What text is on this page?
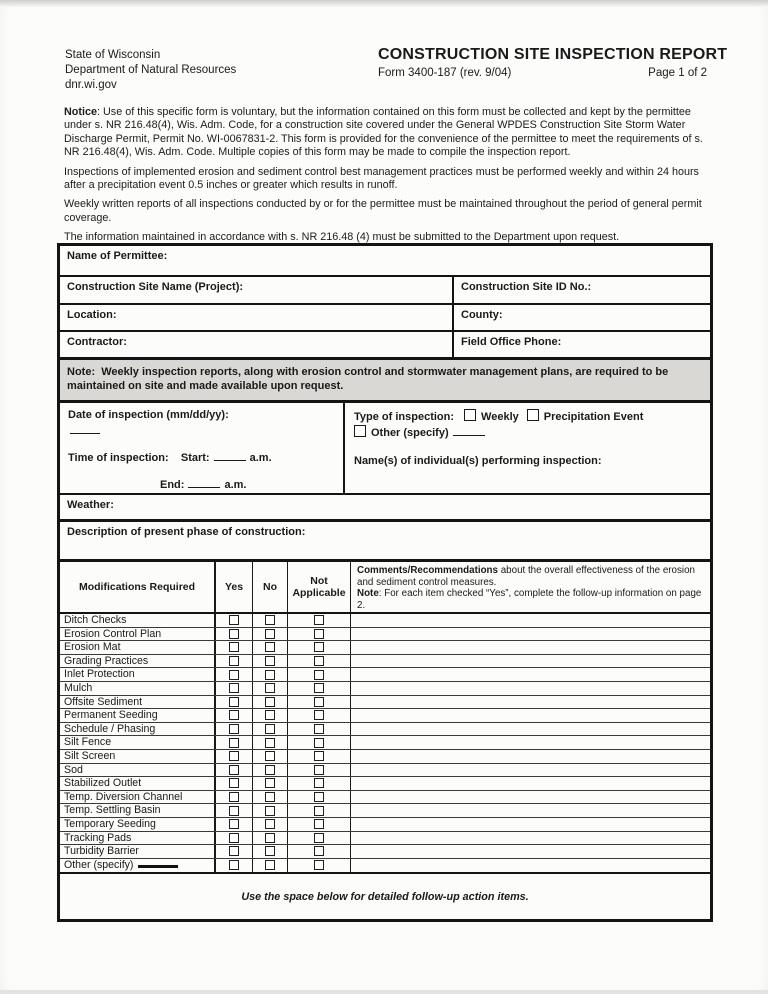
State of Wisconsin
Department of Natural Resources
dnr.wi.gov
CONSTRUCTION SITE INSPECTION REPORT
Form 3400-187 (rev. 9/04)	Page 1 of 2

Notice: Use of this specific form is voluntary, but the information contained on this form must be collected and kept by the permittee under s. NR 216.48(4), Wis. Adm. Code, for a construction site covered under the General WPDES Construction Site Storm Water Discharge Permit, Permit No. WI-0067831-2. This form is provided for the convenience of the permittee to meet the requirements of s. NR 216.48(4), Wis. Adm. Code. Multiple copies of this form may be made to compile the inspection report.

Inspections of implemented erosion and sediment control best management practices must be performed weekly and within 24 hours after a precipitation event 0.5 inches or greater which results in runoff.

Weekly written reports of all inspections conducted by or for the permittee must be maintained throughout the period of general permit coverage.

The information maintained in accordance with s. NR 216.48 (4) must be submitted to the Department upon request.

Name of Permittee:
Construction Site Name (Project):	Construction Site ID No.:
Location:	County:
Contractor:	Field Office Phone:
Note:  Weekly inspection reports, along with erosion control and stormwater management plans, are required to be maintained on site and made available upon request.
Date of inspection (mm/dd/yy):
Time of inspection: Start:	a.m.
End:	a.m.
Type of inspection: Weekly Precipitation Event
Other (specify)
Name(s) of individual(s) performing inspection:
Weather:
Description of present phase of construction:
Modifications Required	Yes	No	Not Applicable
Comments/Recommendations about the overall effectiveness of the erosion and sediment control measures.
Note: For each item checked “Yes”, complete the follow-up information on page 2.
Ditch Checks
Erosion Control Plan
Erosion Mat
Grading Practices
Inlet Protection
Mulch
Offsite Sediment
Permanent Seeding
Schedule / Phasing
Silt Fence
Silt Screen
Sod
Stabilized Outlet
Temp. Diversion Channel
Temp. Settling Basin
Temporary Seeding
Tracking Pads
Turbidity Barrier
Other (specify)
Use the space below for detailed follow-up action items.
